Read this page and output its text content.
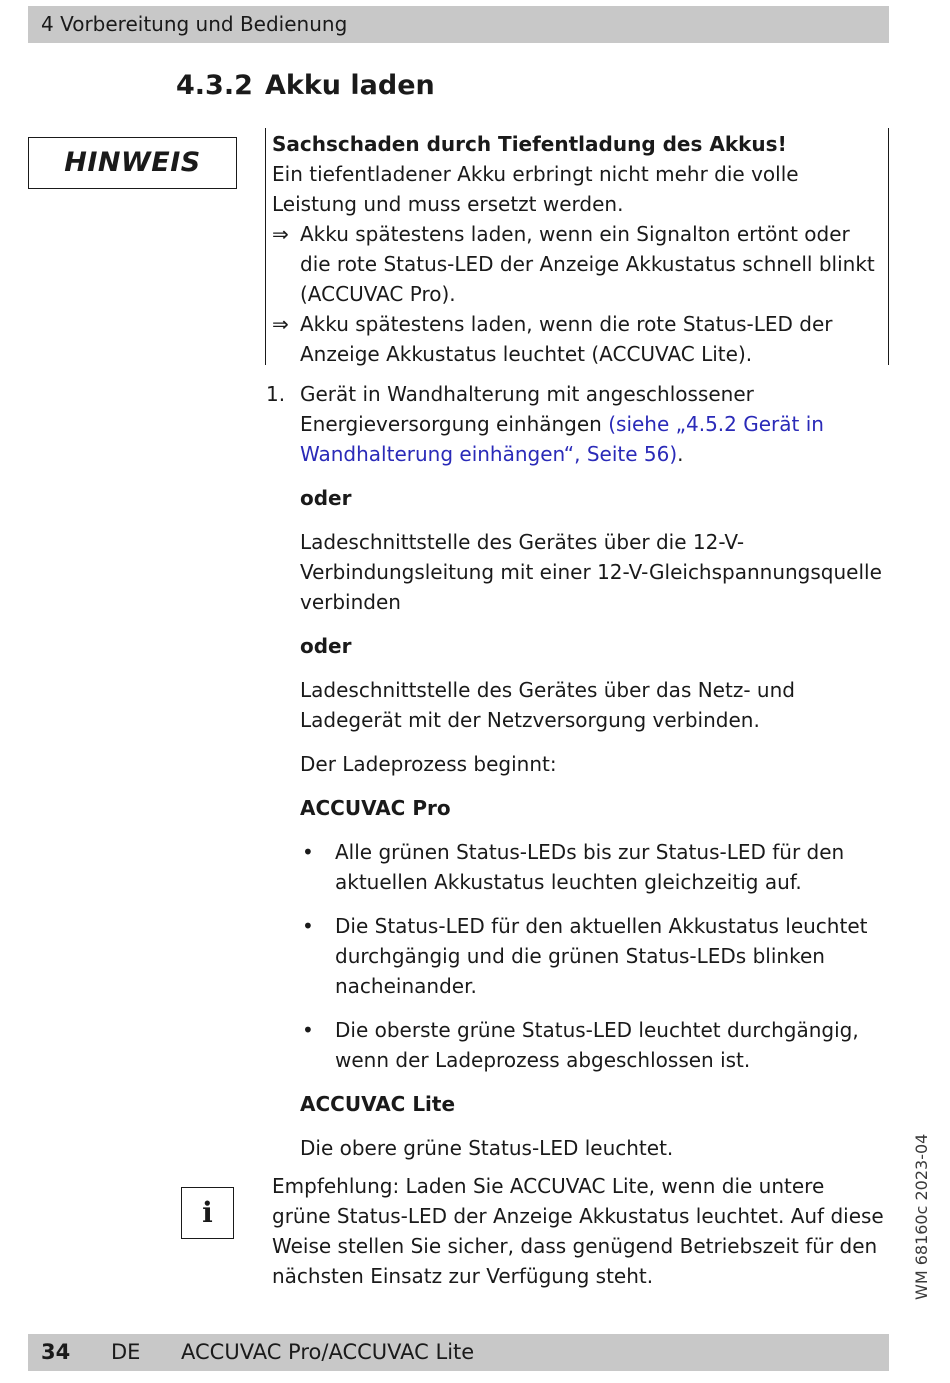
4 Vorbereitung und Bedienung
4.3.2 Akku laden
HINWEIS

Sachschaden durch Tiefentladung des Akkus!

Ein tiefentladener Akku erbringt nicht mehr die volle Leistung und muss ersetzt werden.

⇒ Akku spätestens laden, wenn ein Signalton ertönt oder die rote Status-LED der Anzeige Akkustatus schnell blinkt (ACCUVAC Pro).

⇒ Akku spätestens laden, wenn die rote Status-LED der Anzeige Akkustatus leuchtet (ACCUVAC Lite).

1. Gerät in Wandhalterung mit angeschlossener Energieversorgung einhängen (siehe „4.5.2 Gerät in Wandhalterung einhängen“, Seite 56).

oder

Ladeschnittstelle des Gerätes über die 12-V-Verbindungsleitung mit einer 12-V-Gleichspannungsquelle verbinden

oder

Ladeschnittstelle des Gerätes über das Netz- und Ladegerät mit der Netzversorgung verbinden.

Der Ladeprozess beginnt:

ACCUVAC Pro

• Alle grünen Status-LEDs bis zur Status-LED für den aktuellen Akkustatus leuchten gleichzeitig auf.

• Die Status-LED für den aktuellen Akkustatus leuchtet durchgängig und die grünen Status-LEDs blinken nacheinander.

• Die oberste grüne Status-LED leuchtet durchgängig, wenn der Ladeprozess abgeschlossen ist.

ACCUVAC Lite

Die obere grüne Status-LED leuchtet.

i

Empfehlung: Laden Sie ACCUVAC Lite, wenn die untere grüne Status-LED der Anzeige Akkustatus leuchtet. Auf diese Weise stellen Sie sicher, dass genügend Betriebszeit für den nächsten Einsatz zur Verfügung steht.	WM 68160c 2023-04
34 DE ACCUVAC Pro/ACCUVAC Lite
